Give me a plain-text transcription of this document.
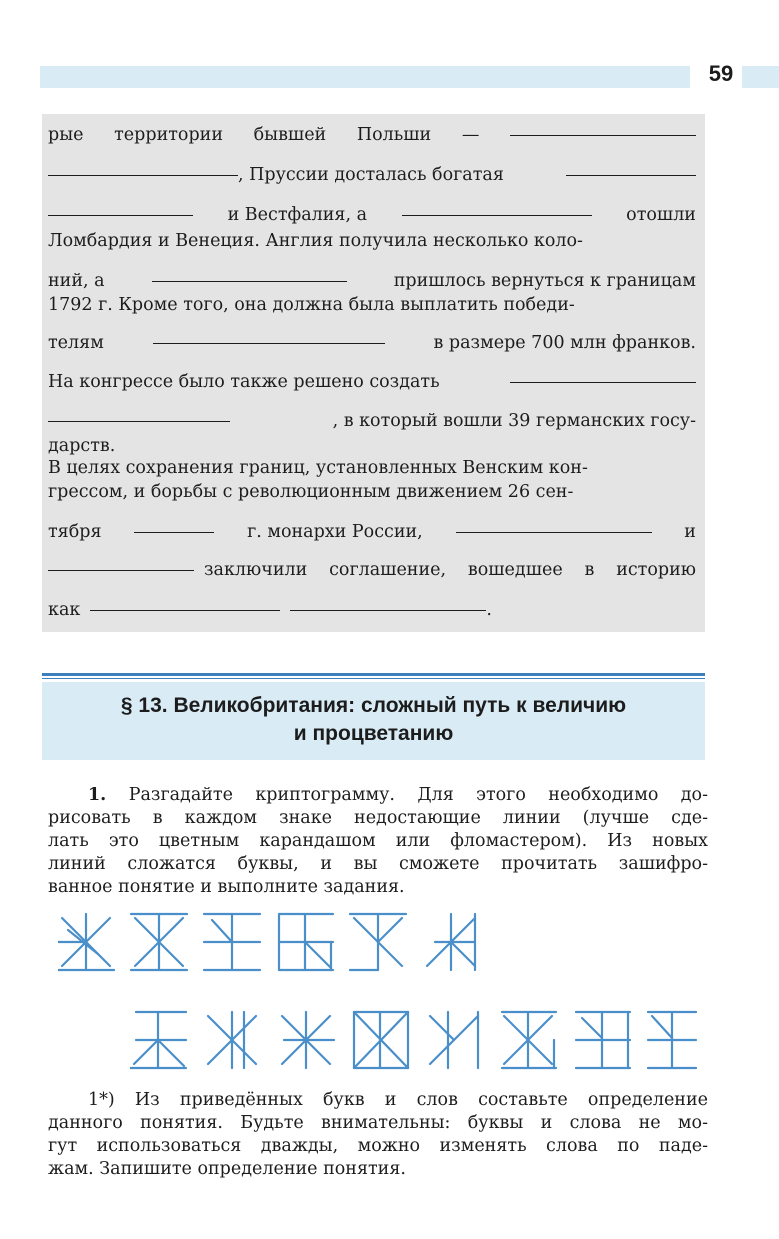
59
рые территории бывшей Польши —
, Пруссии досталась богатая
и Вестфалия, а	отошли
Ломбардия и Венеция. Англия получила несколько коло-
ний, а	пришлось вернуться к границам
1792 г. Кроме того, она должна была выплатить победи-
телям	в размере 700 млн франков.
На конгрессе было также решено создать
, в который вошли 39 германских госу-
дарств.
В целях сохранения границ, установленных Венским кон-
грессом, и борьбы с революционным движением 26 сен-
тября	г. монархи России,	и
заключили соглашение, вошедшее в историю
как	.
§ 13. Великобритания: сложный путь к величию
и процветанию
1. Разгадайте криптограмму. Для этого необходимо до-
рисовать в каждом знаке недостающие линии (лучше сде-
лать это цветным карандашом или фломастером). Из новых
линий сложатся буквы, и вы сможете прочитать зашифро-
ванное понятие и выполните задания.
1*) Из приведённых букв и слов составьте определение
данного понятия. Будьте внимательны: буквы и слова не мо-
гут использоваться дважды, можно изменять слова по паде-
жам. Запишите определение понятия.
